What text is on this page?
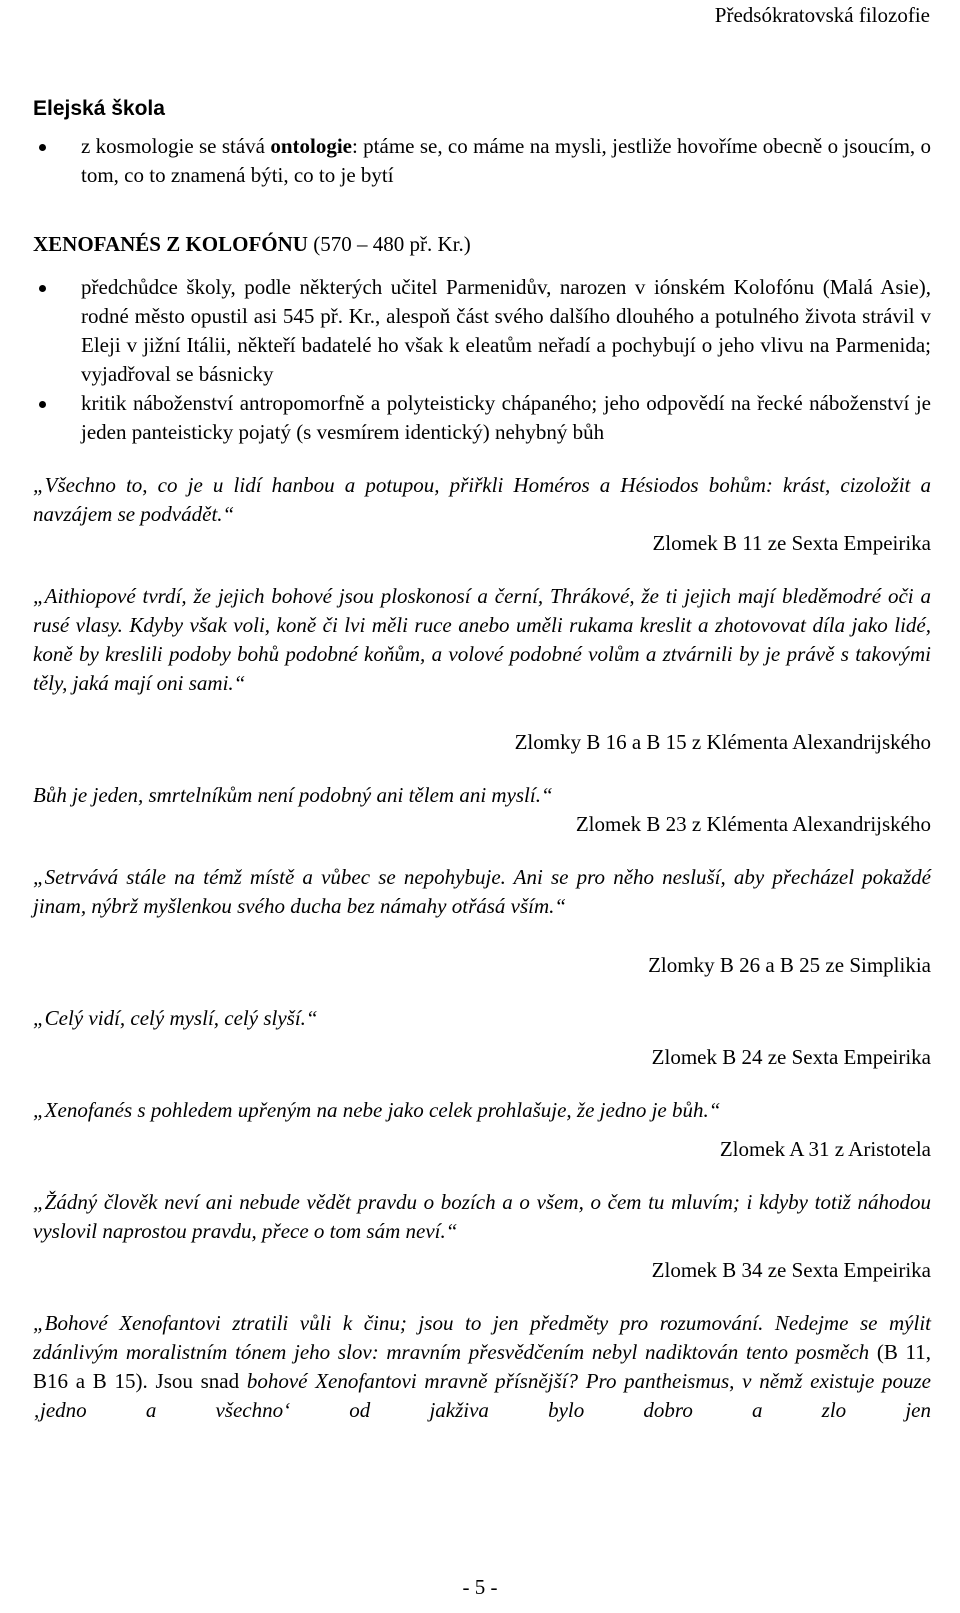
Předsókratovská filozofie
Elejská škola
z kosmologie se stává ontologie: ptáme se, co máme na mysli, jestliže hovoříme obecně o jsoucím, o tom, co to znamená býti, co to je bytí

XENOFANÉS Z KOLOFÓNU (570 – 480 př. Kr.)

předchůdce školy, podle některých učitel Parmenidův, narozen v iónském Kolofónu (Malá Asie), rodné město opustil asi 545 př. Kr., alespoň část svého dalšího dlouhého a potulného života strávil v Eleji v jižní Itálii, někteří badatelé ho však k eleatům neřadí a pochybují o jeho vlivu na Parmenida; vyjadřoval se básnicky
kritik náboženství antropomorfně a polyteisticky chápaného; jeho odpovědí na řecké náboženství je jeden panteisticky pojatý (s vesmírem identický) nehybný bůh

„Všechno to, co je u lidí hanbou a potupou, přiřkli Homéros a Hésiodos bohům: krást, cizoložit a navzájem se podvádět.“

Zlomek B 11 ze Sexta Empeirika

„Aithiopové tvrdí, že jejich bohové jsou ploskonosí a černí, Thrákové, že ti jejich mají bleděmodré oči a rusé vlasy. Kdyby však voli, koně či lvi měli ruce anebo uměli rukama kreslit a zhotovovat díla jako lidé, koně by kreslili podoby bohů podobné koňům, a volové podobné volům a ztvárnili by je právě s takovými těly, jaká mají oni sami.“

Zlomky B 16 a B 15 z Klémenta Alexandrijského

Bůh je jeden, smrtelníkům není podobný ani tělem ani myslí.“

Zlomek B 23 z Klémenta Alexandrijského

„Setrvává stále na témž místě a vůbec se nepohybuje. Ani se pro něho nesluší, aby přecházel pokaždé jinam, nýbrž myšlenkou svého ducha bez námahy otřásá vším.“

Zlomky B 26 a B 25 ze Simplikia

„Celý vidí, celý myslí, celý slyší.“

Zlomek B 24 ze Sexta Empeirika

„Xenofanés s pohledem upřeným na nebe jako celek prohlašuje, že jedno je bůh.“

Zlomek A 31 z Aristotela

„Žádný člověk neví ani nebude vědět pravdu o bozích a o všem, o čem tu mluvím; i kdyby totiž náhodou vyslovil naprostou pravdu, přece o tom sám neví.“

Zlomek B 34 ze Sexta Empeirika

„Bohové Xenofantovi ztratili vůli k činu; jsou to jen předměty pro rozumování. Nedejme se mýlit zdánlivým moralistním tónem jeho slov: mravním přesvědčením nebyl nadiktován tento posměch (B 11, B16 a B 15). Jsou snad bohové Xenofantovi mravně přísnější? Pro pantheismus, v němž existuje pouze ‚jedno a všechno‘ od jakživa bylo dobro a zlo jen

- 5 -
